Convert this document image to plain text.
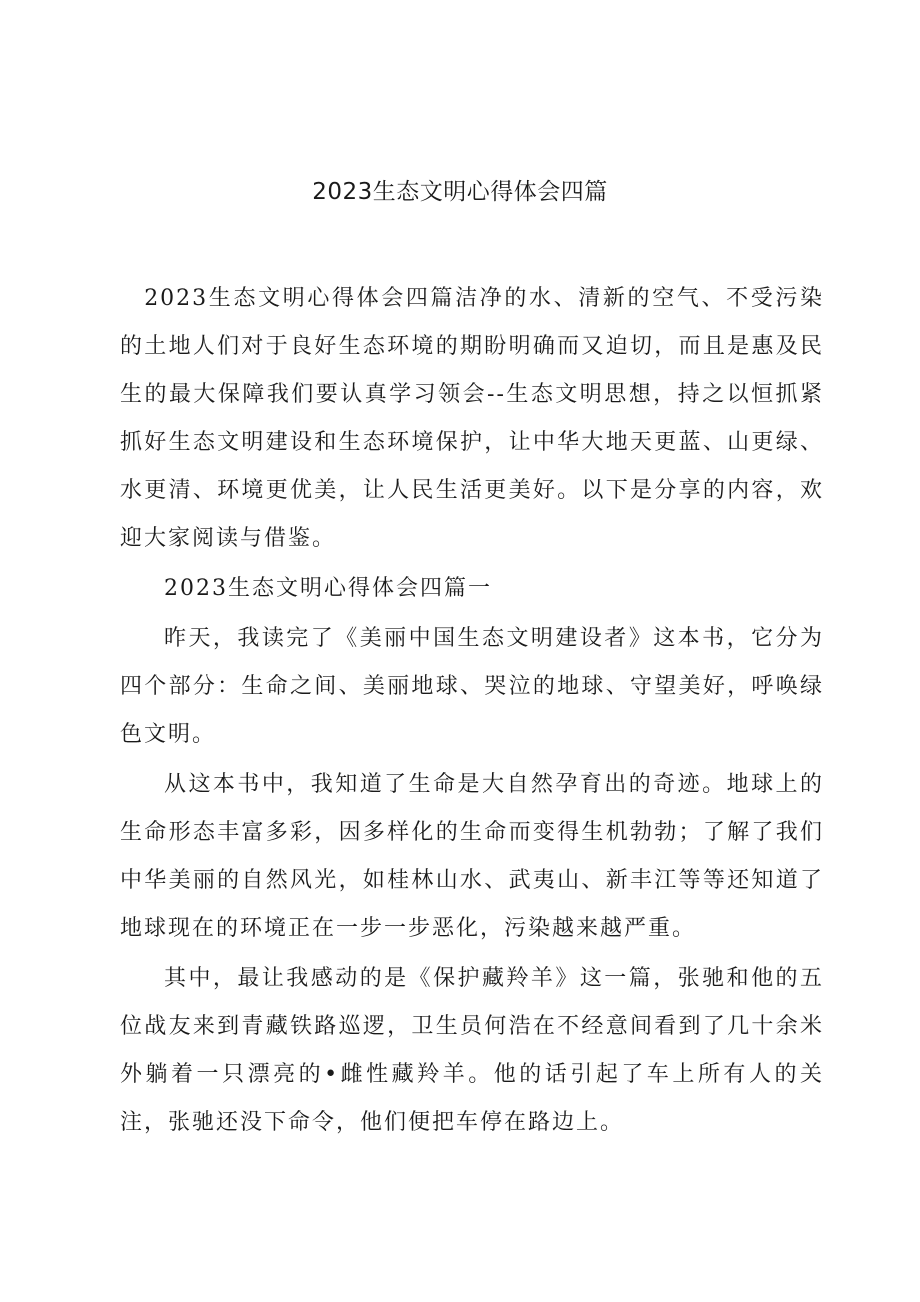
2023生态文明心得体会四篇

2023生态文明心得体会四篇洁净的水、清新的空气、不受污染的土地人们对于良好生态环境的期盼明确而又迫切，而且是惠及民生的最大保障我们要认真学习领会--生态文明思想，持之以恒抓紧抓好生态文明建设和生态环境保护，让中华大地天更蓝、山更绿、水更清、环境更优美，让人民生活更美好。以下是分享的内容，欢迎大家阅读与借鉴。

2023生态文明心得体会四篇一

昨天，我读完了《美丽中国生态文明建设者》这本书，它分为四个部分：生命之间、美丽地球、哭泣的地球、守望美好，呼唤绿色文明。

从这本书中，我知道了生命是大自然孕育出的奇迹。地球上的生命形态丰富多彩，因多样化的生命而变得生机勃勃；了解了我们中华美丽的自然风光，如桂林山水、武夷山、新丰江等等还知道了地球现在的环境正在一步一步恶化，污染越来越严重。

其中，最让我感动的是《保护藏羚羊》这一篇，张驰和他的五位战友来到青藏铁路巡逻，卫生员何浩在不经意间看到了几十余米外躺着一只漂亮的•雌性藏羚羊。他的话引起了车上所有人的关注，张驰还没下命令，他们便把车停在路边上。
